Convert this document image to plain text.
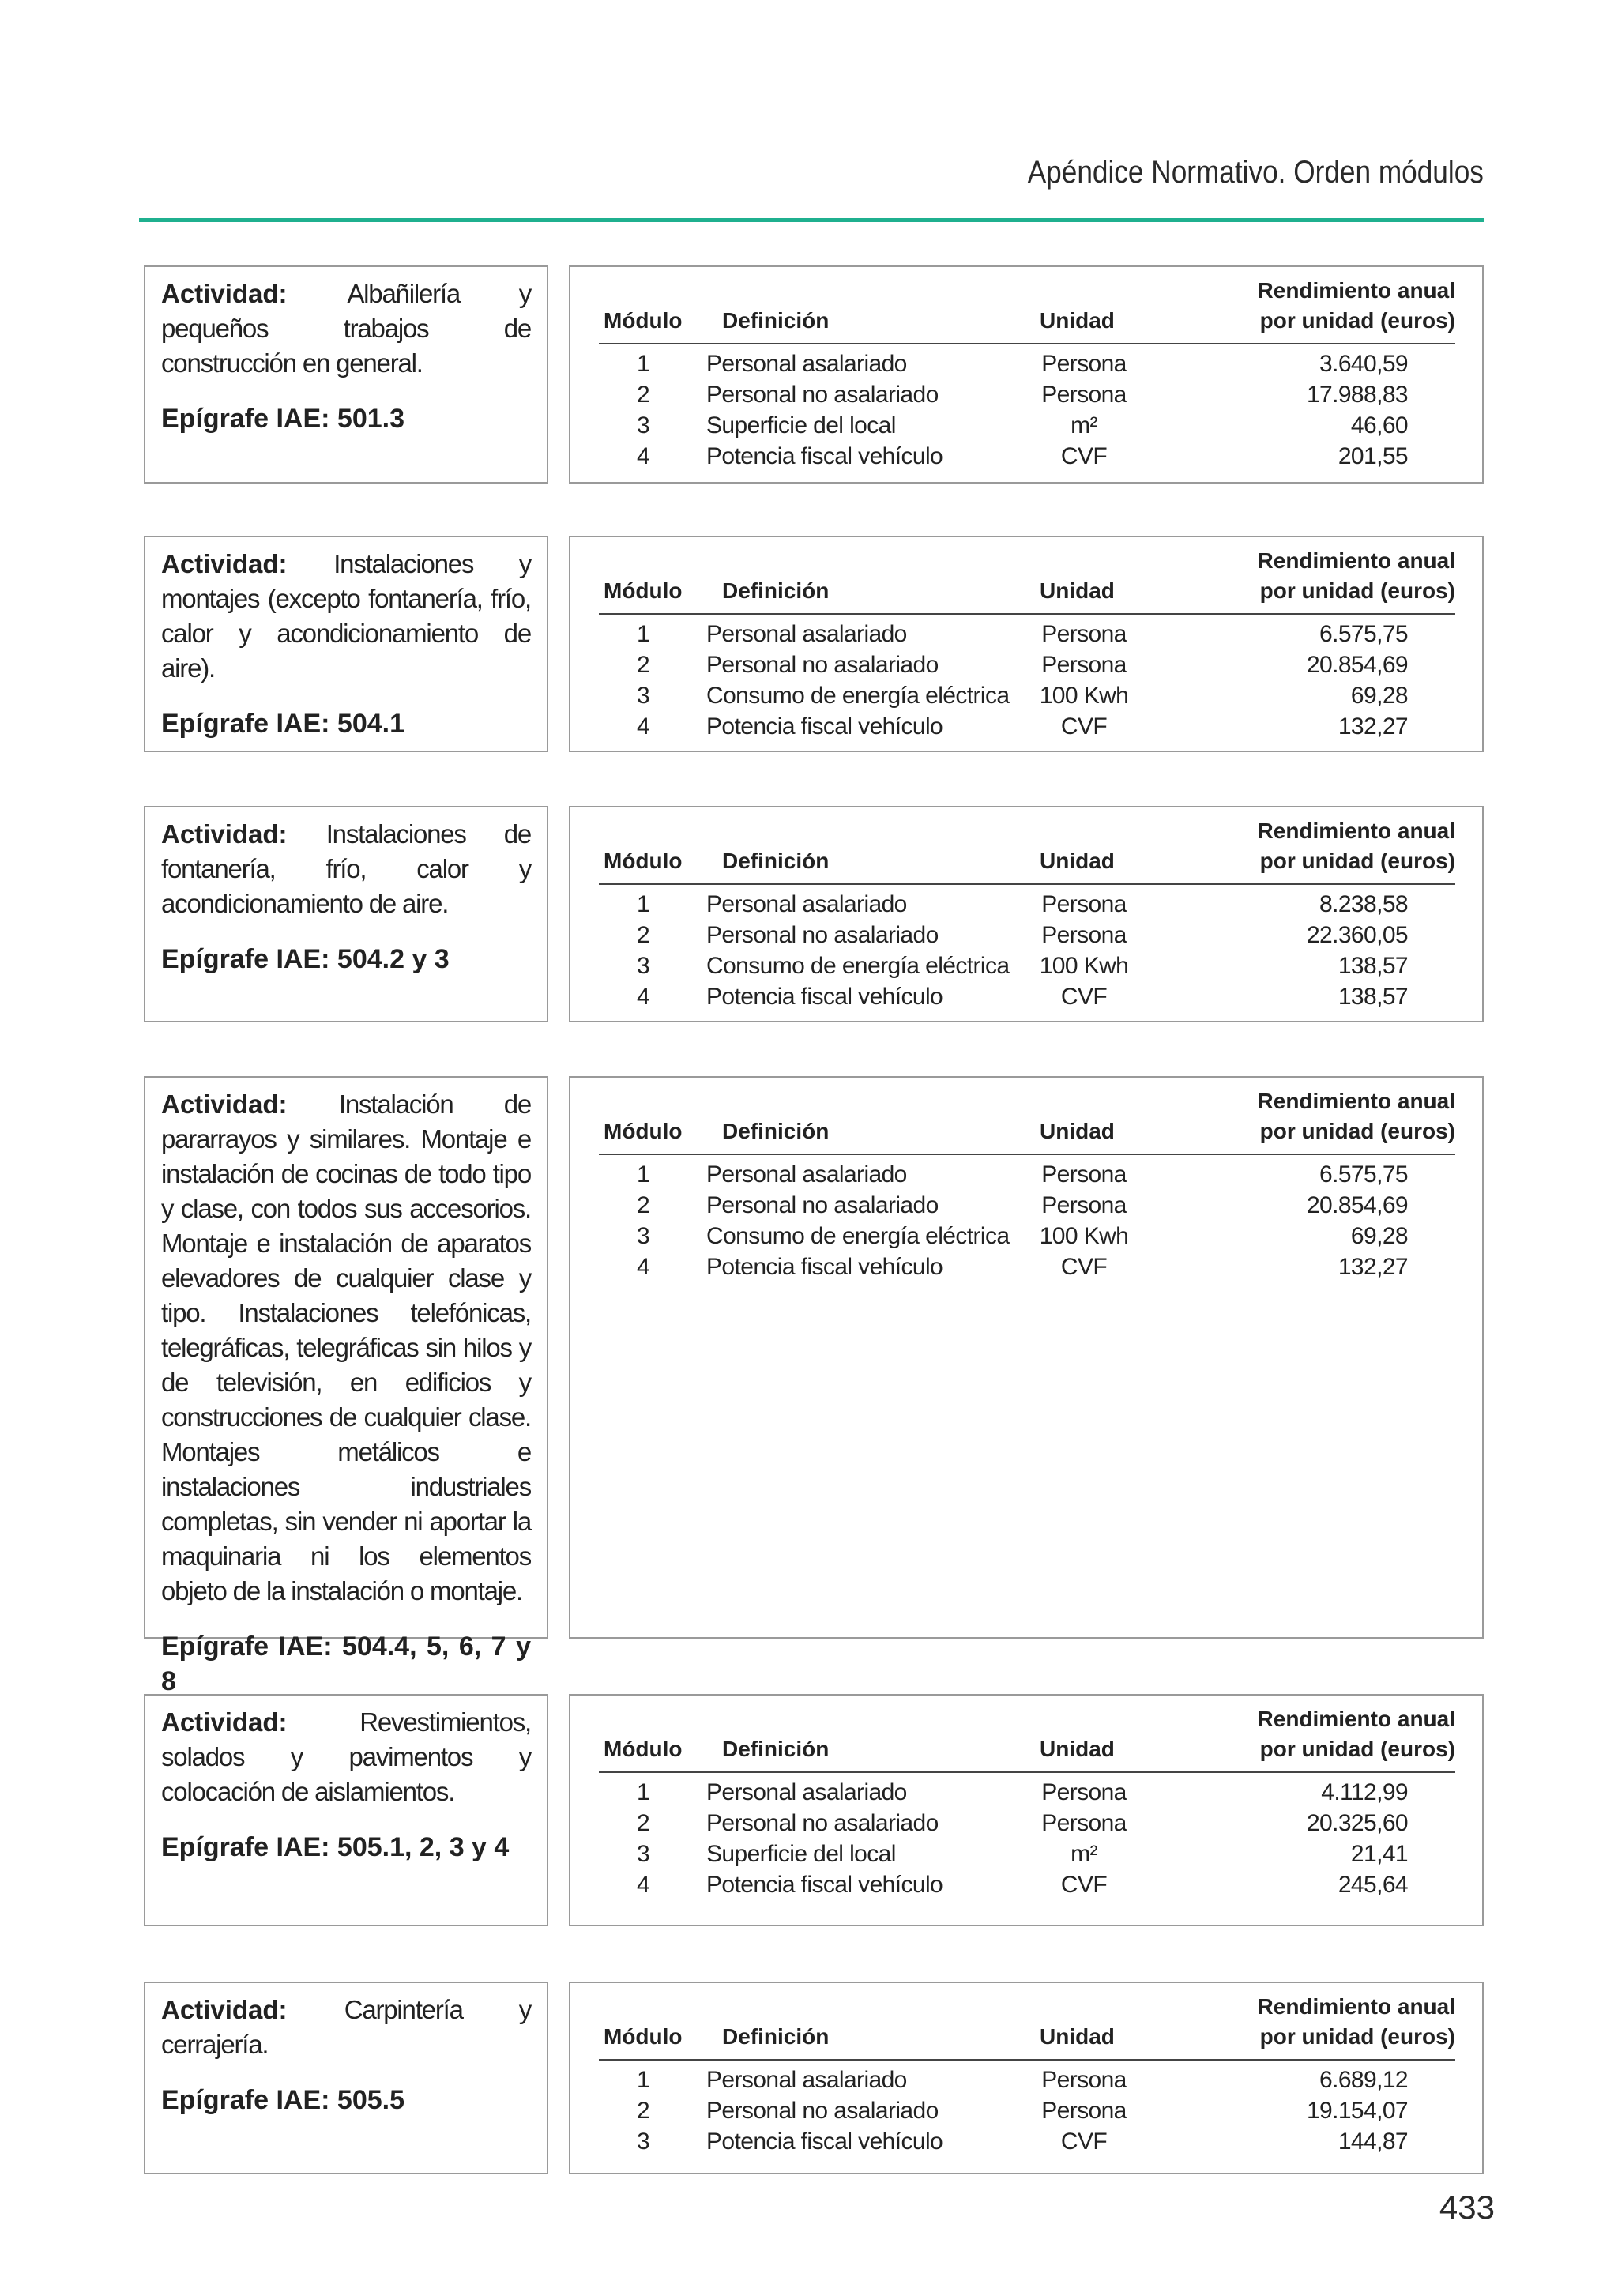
Apéndice Normativo. Orden módulos

Actividad: Albañilería y pequeños trabajos de construcción en general.

Epígrafe IAE: 501.3

Rendimiento anual
Módulo Definición	Unidad	por unidad (euros)
1	Personal asalariado	Persona	3.640,59
2	Personal no asalariado	Persona	17.988,83
3	Superficie del local	m²	46,60
4	Potencia fiscal vehículo	CVF	201,55

Actividad: Instalaciones y montajes (excepto fontanería, frío, calor y acondicionamiento de aire).

Epígrafe IAE: 504.1

Rendimiento anual
Módulo Definición	Unidad	por unidad (euros)
1	Personal asalariado	Persona	6.575,75
2	Personal no asalariado	Persona	20.854,69
3	Consumo de energía eléctrica	100 Kwh	69,28
4	Potencia fiscal vehículo	CVF	132,27

Actividad: Instalaciones de fontanería, frío, calor y acondicionamiento de aire.

Epígrafe IAE: 504.2 y 3

Rendimiento anual
Módulo Definición	Unidad	por unidad (euros)
1	Personal asalariado	Persona	8.238,58
2	Personal no asalariado	Persona	22.360,05
3	Consumo de energía eléctrica	100 Kwh	138,57
4	Potencia fiscal vehículo	CVF	138,57

Actividad: Instalación de pararrayos y similares. Montaje e instalación de cocinas de todo tipo y clase, con todos sus accesorios. Montaje e instalación de aparatos elevadores de cualquier clase y tipo. Instalaciones telefónicas, telegráficas, telegráficas sin hilos y de televisión, en edificios y construcciones de cualquier clase. Montajes metálicos e instalaciones industriales completas, sin vender ni aportar la maquinaria ni los elementos objeto de la instalación o montaje.

Epígrafe IAE: 504.4, 5, 6, 7 y 8

Rendimiento anual
Módulo Definición	Unidad	por unidad (euros)
1	Personal asalariado	Persona	6.575,75
2	Personal no asalariado	Persona	20.854,69
3	Consumo de energía eléctrica	100 Kwh	69,28
4	Potencia fiscal vehículo	CVF	132,27

Actividad:	Revestimientos, solados y pavimentos y colocación de aislamientos.

Epígrafe IAE: 505.1, 2, 3 y 4

Rendimiento anual
Módulo Definición	Unidad	por unidad (euros)
1	Personal asalariado	Persona	4.112,99
2	Personal no asalariado	Persona	20.325,60
3	Superficie del local	m²	21,41
4	Potencia fiscal vehículo	CVF	245,64

Actividad: Carpintería y cerrajería.

Epígrafe IAE: 505.5

Rendimiento anual
Módulo Definición	Unidad	por unidad (euros)
1	Personal asalariado	Persona	6.689,12
2	Personal no asalariado	Persona	19.154,07
3	Potencia fiscal vehículo	CVF	144,87
433
